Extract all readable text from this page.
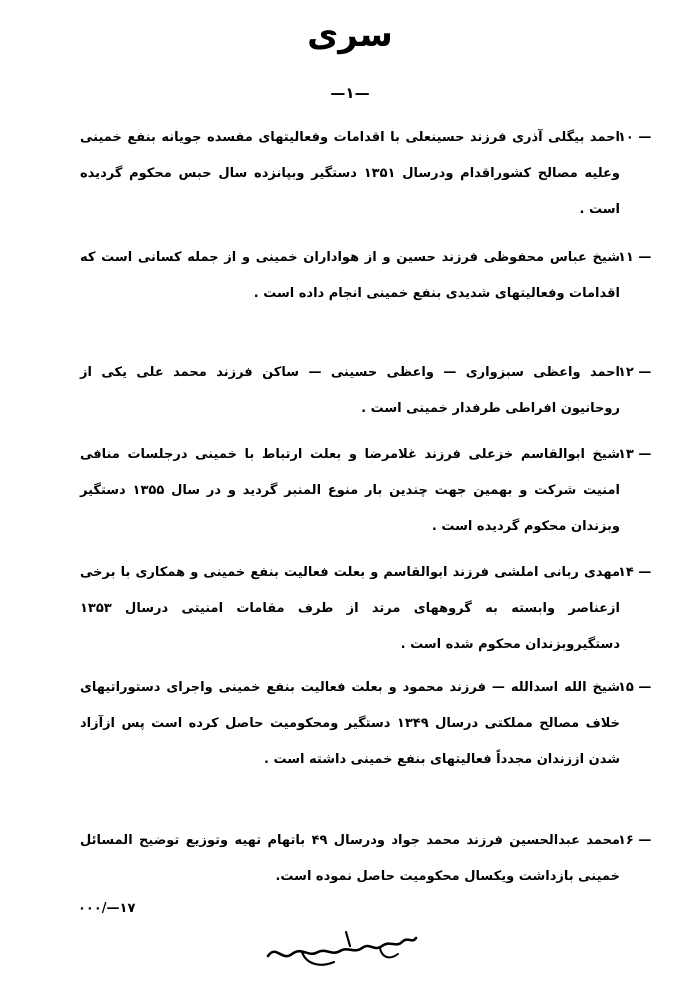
سری
—۱—
۱۰ —
احمد بیگلی آذری فرزند حسینعلی با اقدامات وفعالیتهای مفسده جویانه بنفع خمینی وعلیه مصالح کشوراقدام ودرسال ۱۳۵۱ دستگیر وبپانزده سال حبس محکوم گردیده است .
۱۱ —
شیخ عباس محفوظی فرزند حسین و از هواداران خمینی و از جمله کسانی است که اقدامات وفعالیتهای شدیدی بنفع خمینی انجام داده است .
۱۲ —
احمد واعظی سبزواری — واعظی حسینی — ساکن فرزند محمد علی یکی از روحانیون افراطی طرفدار خمینی است .
۱۳ —
شیخ ابوالقاسم خزعلی فرزند غلامرضا و بعلت ارتباط با خمینی درجلسات منافی امنیت شرکت و بهمین جهت چندین بار منوع المنبر گردید و در سال ۱۳۵۵ دستگیر وبزندان محکوم گردیده است .
۱۴ —
مهدی ربانی املشی فرزند ابوالقاسم و بعلت فعالیت بنفع خمینی و همکاری با برخی ازعناصر وابسته به گروههای مرتد از طرف مقامات امنیتی درسال ۱۳۵۳ دستگیروبزندان محکوم شده است .
۱۵ —
شیخ الله اسدالله — فرزند محمود و بعلت فعالیت بنفع خمینی واجرای دستوراتیهای خلاف مصالح مملکتی درسال ۱۳۴۹ دستگیر ومحکومیت حاصل کرده است پس ازآزاد شدن اززندان مجدداً فعالیتهای بنفع خمینی داشته است .
۱۶ —
محمد عبدالحسین فرزند محمد جواد ودرسال ۴۹ باتهام تهیه وتوزیع توضیح المسائل خمینی بازداشت ویکسال محکومیت حاصل نموده است.
۰۰۰/—۱۷
